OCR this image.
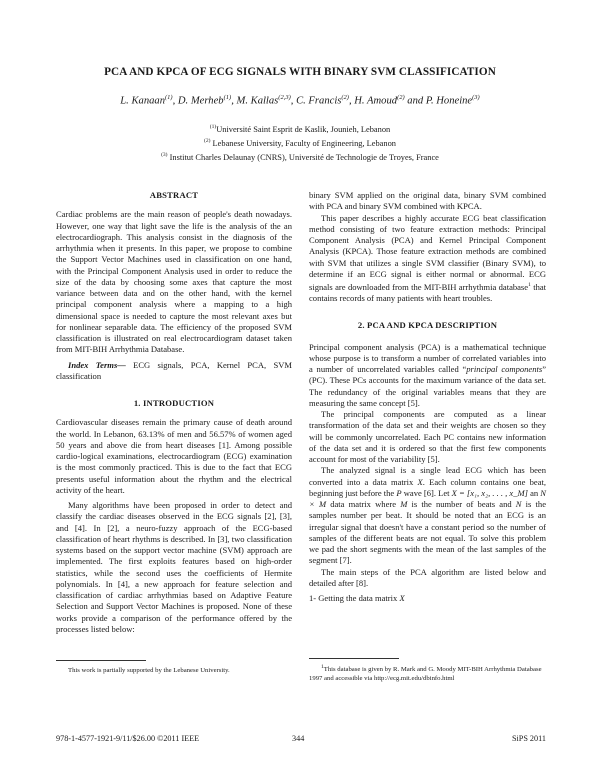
PCA AND KPCA OF ECG SIGNALS WITH BINARY SVM CLASSIFICATION
L. Kanaan$^{(1)}$, D. Merheb$^{(1)}$, M. Kallas$^{(2,3)}$, C. Francis$^{(2)}$, H. Amoud$^{(2)}$ and P. Honeine$^{(3)}$
$^{(1)}$Université Saint Esprit de Kaslik, Jounieh, Lebanon
$^{(2)}$ Lebanese University, Faculty of Engineering, Lebanon
$^{(3)}$ Institut Charles Delaunay (CNRS), Université de Technologie de Troyes, France
ABSTRACT

Cardiac problems are the main reason of people's death nowadays. However, one way that light save the life is the analysis of the an electrocardiograph. This analysis consist in the diagnosis of the arrhythmia when it presents. In this paper, we propose to combine the Support Vector Machines used in classification on one hand, with the Principal Component Analysis used in order to reduce the size of the data by choosing some axes that capture the most variance between data and on the other hand, with the kernel principal component analysis where a mapping to a high dimensional space is needed to capture the most relevant axes but for nonlinear separable data. The efficiency of the proposed SVM classification is illustrated on real electrocardiogram dataset taken from MIT-BIH Arrhythmia Database.

Index Terms— ECG signals, PCA, Kernel PCA, SVM classification

1. INTRODUCTION

Cardiovascular diseases remain the primary cause of death around the world. In Lebanon, 63.13% of men and 56.57% of women aged 50 years and above die from heart diseases [1]. Among possible cardio-logical examinations, electrocardiogram (ECG) examination is the most commonly practiced. This is due to the fact that ECG presents useful information about the rhythm and the electrical activity of the heart.

Many algorithms have been proposed in order to detect and classify the cardiac diseases observed in the ECG signals [2], [3], and [4]. In [2], a neuro-fuzzy approach of the ECG-based classification of heart rhythms is described. In [3], two classification systems based on the support vector machine (SVM) approach are implemented. The first exploits features based on high-order statistics, while the second uses the coefficients of Hermite polynomials. In [4], a new approach for feature selection and classification of cardiac arrhythmias based on Adaptive Feature Selection and Support Vector Machines is proposed. None of these works provide a comparison of the performance offered by the processes listed below:

This work is partially supported by the Lebanese University.

binary SVM applied on the original data, binary SVM combined with PCA and binary SVM combined with KPCA.

This paper describes a highly accurate ECG beat classification method consisting of two feature extraction methods: Principal Component Analysis (PCA) and Kernel Principal Component Analysis (KPCA). Those feature extraction methods are combined with SVM that utilizes a single SVM classifier (Binary SVM), to determine if an ECG signal is either normal or abnormal. ECG signals are downloaded from the MIT-BIH arrhythmia database$^1$ that contains records of many patients with heart troubles.

2. PCA AND KPCA DESCRIPTION

Principal component analysis (PCA) is a mathematical technique whose purpose is to transform a number of correlated variables into a number of uncorrelated variables called “principal components” (PC). These PCs accounts for the maximum variance of the data set. The redundancy of the original variables means that they are measuring the same concept [5].

The principal components are computed as a linear transformation of the data set and their weights are chosen so they will be commonly uncorrelated. Each PC contains new information of the data set and it is ordered so that the first few components account for most of the variability [5].

The analyzed signal is a single lead ECG which has been converted into a data matrix X. Each column contains one beat, beginning just before the P wave [6]. Let X = [x₁, x₂, . . . , x_M] an N × M data matrix where M is the number of beats and N is the samples number per beat. It should be noted that an ECG is an irregular signal that doesn't have a constant period so the number of samples of the different beats are not equal. To solve this problem we pad the short segments with the mean of the last samples of the segment [7].

The main steps of the PCA algorithm are listed below and detailed after [8].

1- Getting the data matrix X

$^1$This database is given by R. Mark and G. Moody MIT-BIH Arrhythmia Database 1997 and accessible via http://ecg.mit.edu/dbinfo.html
978-1-4577-1921-9/11/$26.00 ©2011 IEEE	344	SiPS 2011
